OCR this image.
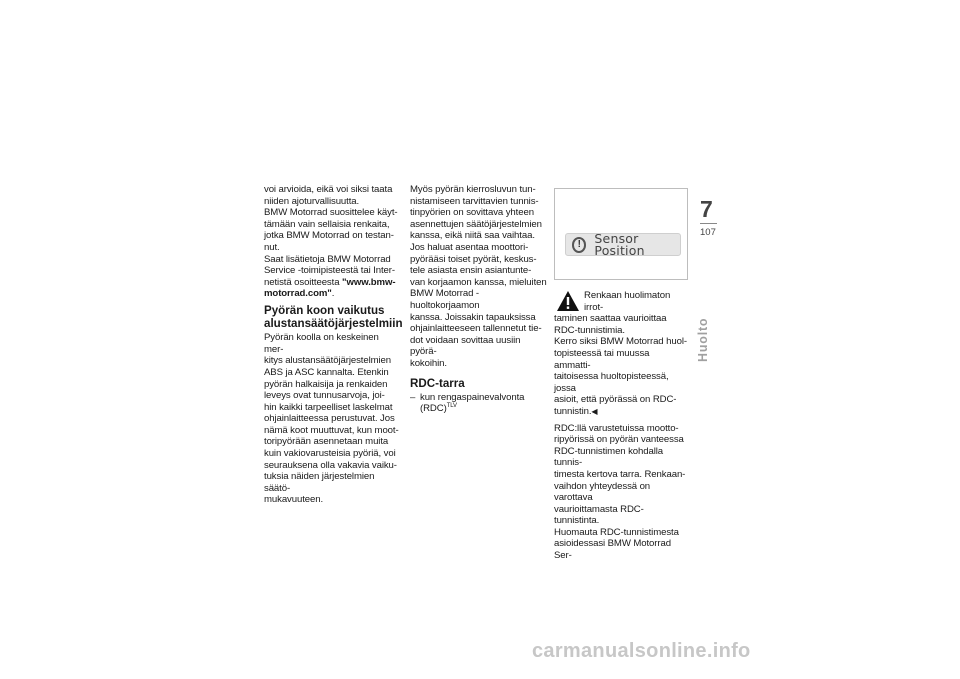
voi arvioida, eikä voi siksi taata

niiden ajoturvallisuutta.

BMW Motorrad suosittelee käyt-

tämään vain sellaisia renkaita,

jotka BMW Motorrad on testan-

nut.

Saat lisätietoja BMW Motorrad

Service -toimipisteestä tai Inter-

netistä osoitteesta "www.bmw-

motorrad.com".

Pyörän koon vaikutus
alustansäätöjärjestelmiin

Pyörän koolla on keskeinen mer-

kitys alustansäätöjärjestelmien

ABS ja ASC kannalta. Etenkin

pyörän halkaisija ja renkaiden

leveys ovat tunnusarvoja, joi-

hin kaikki tarpeelliset laskelmat

ohjainlaitteessa perustuvat. Jos

nämä koot muuttuvat, kun moot-

toripyörään asennetaan muita

kuin vakiovarusteisia pyöriä, voi

seurauksena olla vakavia vaiku-

tuksia näiden järjestelmien säätö-

mukavuuteen.

Myös pyörän kierrosluvun tun-

nistamiseen tarvittavien tunnis-

tinpyörien on sovittava yhteen

asennettujen säätöjärjestelmien

kanssa, eikä niitä saa vaihtaa.

Jos haluat asentaa moottori-

pyörääsi toiset pyörät, keskus-

tele asiasta ensin asiantunte-

van korjaamon kanssa, mieluiten

BMW Motorrad -huoltokorjaamon

kanssa. Joissakin tapauksissa

ohjainlaitteeseen tallennetut tie-

dot voidaan sovittaa uusiin pyörä-

kokoihin.

RDC-tarra
– kun rengaspainevalvonta

(RDC)$^{TLV}$

!	Sensor Position

Renkaan huolimaton irrot-

taminen saattaa vaurioittaa

RDC-tunnistimia.

Kerro siksi BMW Motorrad huol-

topisteessä tai muussa ammatti-

taitoisessa huoltopisteessä, jossa

asioit, että pyörässä on RDC-

tunnistin.◀

RDC:llä varustetuissa mootto-

ripyörissä on pyörän vanteessa

RDC-tunnistimen kohdalla tunnis-

timesta kertova tarra. Renkaan-

vaihdon yhteydessä on varottava

vaurioittamasta RDC-tunnistinta.

Huomauta RDC-tunnistimesta

asioidessasi BMW Motorrad Ser-

7
107
Huolto
carmanualsonline.info
